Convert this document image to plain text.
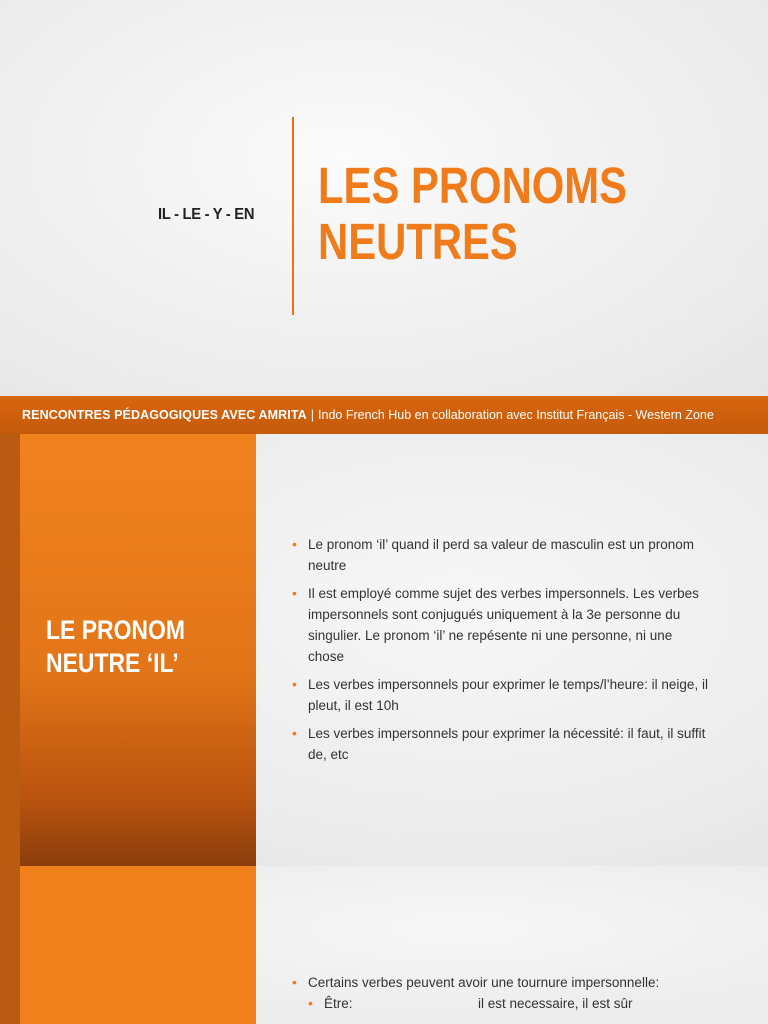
IL - LE - Y - EN
LES PRONOMS
NEUTRES
RENCONTRES PÉDAGOGIQUES AVEC AMRITA | Indo French Hub en collaboration avec Institut Français - Western Zone
LE PRONOM
NEUTRE ‘IL’
• Le pronom ‘il’ quand il perd sa valeur de masculin est un pronom neutre
• Il est employé comme sujet des verbes impersonnels. Les verbes impersonnels sont conjugués uniquement à la 3e personne du singulier. Le pronom ‘il’ ne repésente ni une personne, ni une chose
• Les verbes impersonnels pour exprimer le temps/l’heure: il neige, il pleut, il est 10h
• Les verbes impersonnels pour exprimer la nécessité: il faut, il suffit de, etc
• Certains verbes peuvent avoir une tournure impersonnelle:
• Être:	il est necessaire, il est sûr
